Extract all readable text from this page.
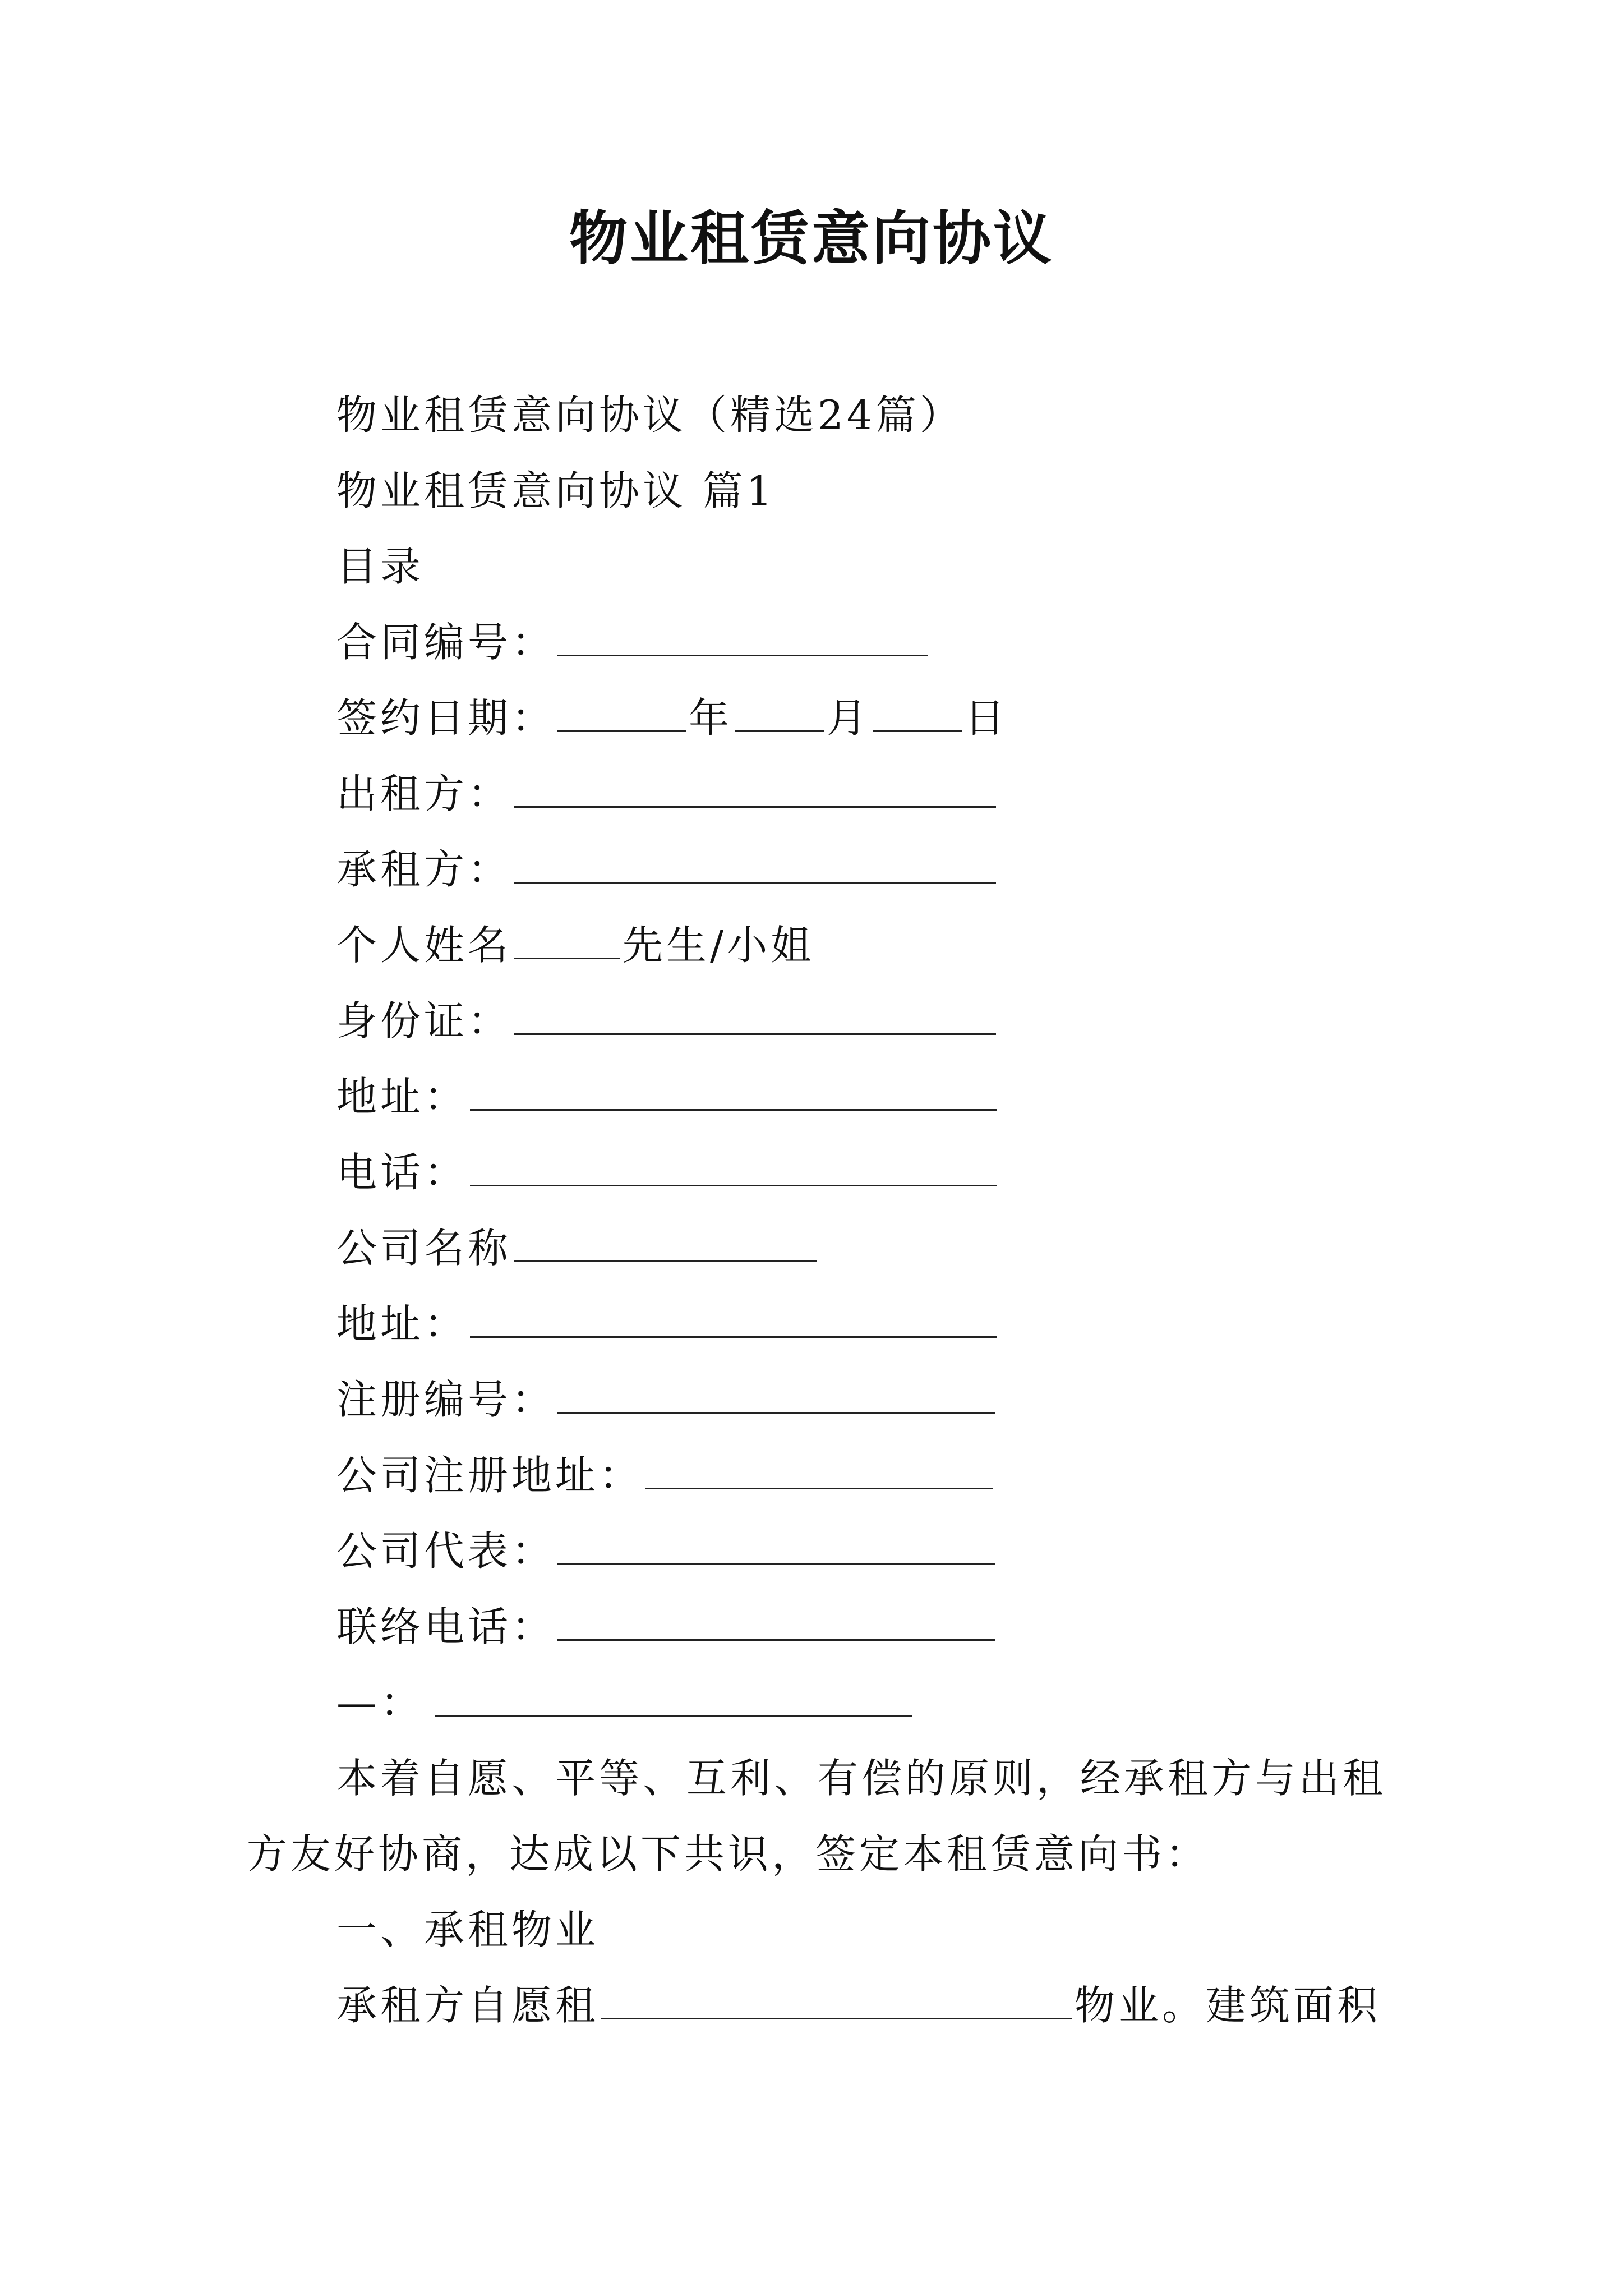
物业租赁意向协议
物业租赁意向协议（精选24篇）
物业租赁意向协议 篇1
目录
合同编号：
签约日期：	年 月 日
出租方：
承租方：
个人姓名	先生/小姐
身份证：
地址：
电话：
公司名称
地址：
注册编号：
公司注册地址：
公司代表：
联络电话：
—：
本着自愿、平等、互利、有偿的原则，经承租方与出租
方友好协商，达成以下共识，签定本租赁意向书：
一、承租物业
承租方自愿租	物业。建筑面积
